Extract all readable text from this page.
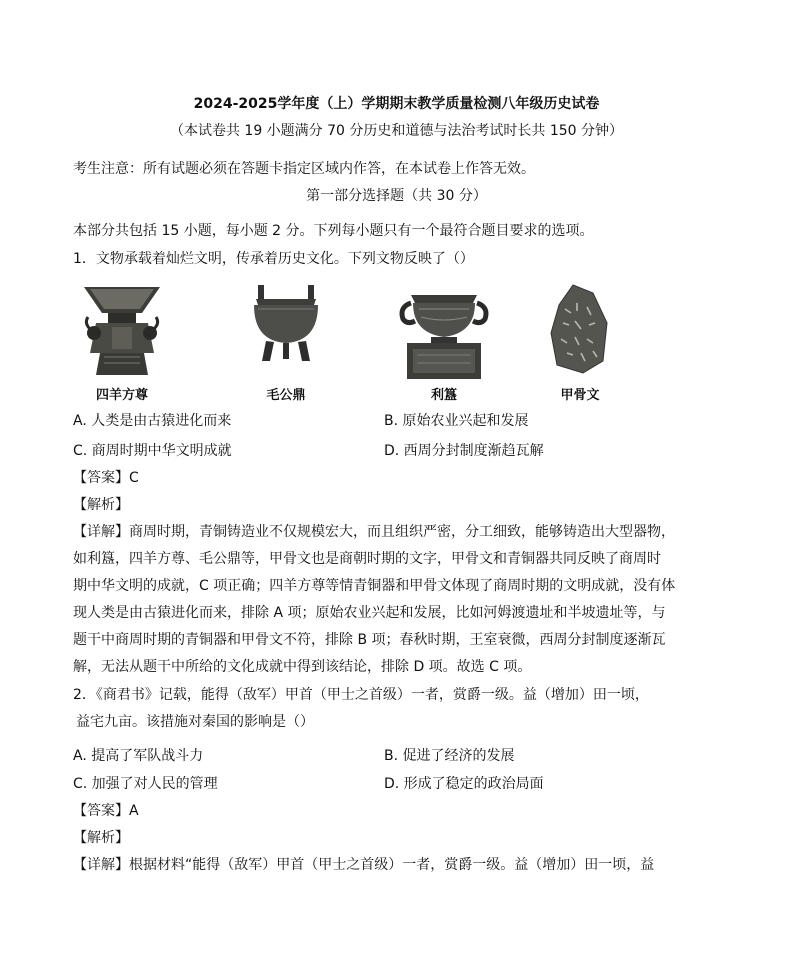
2024-2025学年度（上）学期期末教学质量检测八年级历史试卷
（本试卷共 19 小题满分 70 分历史和道德与法治考试时长共 150 分钟）
考生注意：所有试题必须在答题卡指定区域内作答，在本试卷上作答无效。
第一部分选择题（共 30 分）
本部分共包括 15 小题，每小题 2 分。下列每小题只有一个最符合题目要求的选项。
1．文物承载着灿烂文明，传承着历史文化。下列文物反映了（）
四羊方尊	毛公鼎	利簋	甲骨文
A. 人类是由古猿进化而来	B. 原始农业兴起和发展
C. 商周时期中华文明成就	D. 西周分封制度渐趋瓦解
【答案】C
【解析】
【详解】商周时期，青铜铸造业不仅规模宏大，而且组织严密，分工细致，能够铸造出大型器物，
如利簋，四羊方尊、毛公鼎等，甲骨文也是商朝时期的文字，甲骨文和青铜器共同反映了商周时
期中华文明的成就，C 项正确；四羊方尊等情青铜器和甲骨文体现了商周时期的文明成就，没有体
现人类是由古猿进化而来，排除 A 项；原始农业兴起和发展，比如河姆渡遗址和半坡遗址等，与
题干中商周时期的青铜器和甲骨文不符，排除 B 项；春秋时期，王室衰微，西周分封制度逐渐瓦
解，无法从题干中所给的文化成就中得到该结论，排除 D 项。故选 C 项。
2．《商君书》记载，能得（敌军）甲首（甲士之首级）一者，赏爵一级。益（增加）田一顷，
益宅九亩。该措施对秦国的影响是（）
A. 提高了军队战斗力	B. 促进了经济的发展
C. 加强了对人民的管理	D. 形成了稳定的政治局面
【答案】A
【解析】
【详解】根据材料“能得（敌军）甲首（甲士之首级）一者，赏爵一级。益（增加）田一顷，益
